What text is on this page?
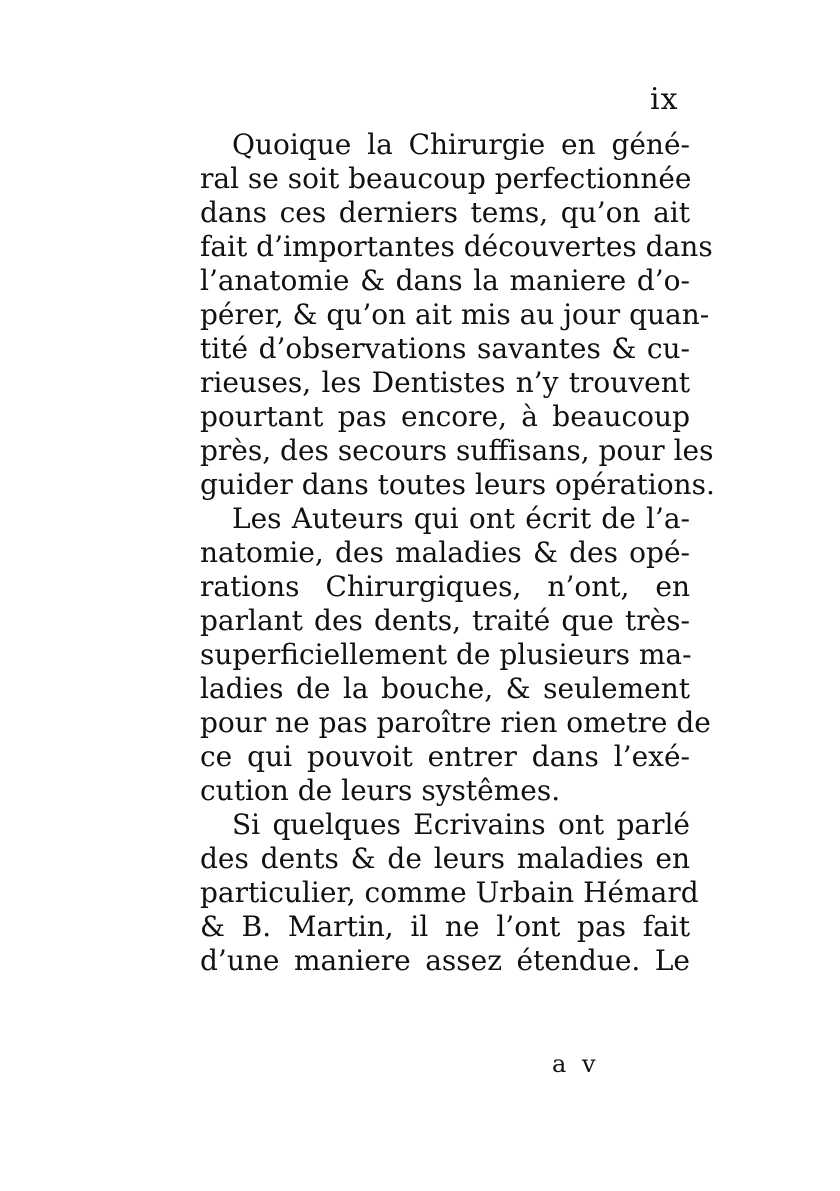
ix
Quoique la Chirurgie en géné-
ral se soit beaucoup perfectionnée
dans ces derniers tems, qu’on ait
fait d’importantes découvertes dans
l’anatomie & dans la maniere d’o-
pérer, & qu’on ait mis au jour quan-
tité d’observations savantes & cu-
rieuses, les Dentistes n’y trouvent
pourtant pas encore, à beaucoup
près, des secours suffisans, pour les
guider dans toutes leurs opérations.
Les Auteurs qui ont écrit de l’a-
natomie, des maladies & des opé-
rations Chirurgiques, n’ont, en
parlant des dents, traité que très-
superficiellement de plusieurs ma-
ladies de la bouche, & seulement
pour ne pas paroître rien ometre de
ce qui pouvoit entrer dans l’exé-
cution de leurs systêmes.
Si quelques Ecrivains ont parlé
des dents & de leurs maladies en
particulier, comme Urbain Hémard
& B. Martin, il ne l’ont pas fait
d’une maniere assez étendue. Le
a v
